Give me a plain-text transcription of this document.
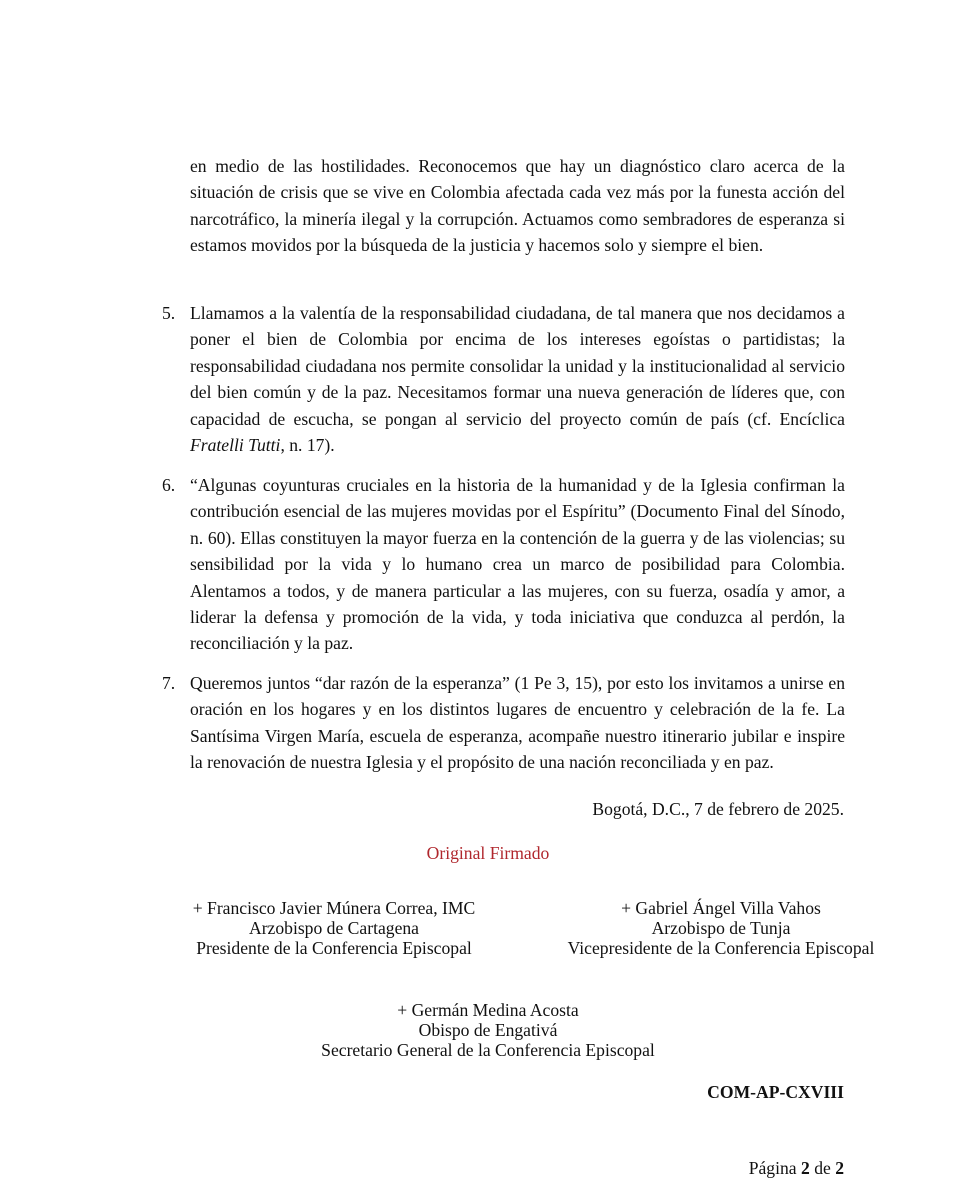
en medio de las hostilidades. Reconocemos que hay un diagnóstico claro acerca de la situación de crisis que se vive en Colombia afectada cada vez más por la funesta acción del narcotráfico, la minería ilegal y la corrupción. Actuamos como sembradores de esperanza si estamos movidos por la búsqueda de la justicia y hacemos solo y siempre el bien.
5. Llamamos a la valentía de la responsabilidad ciudadana, de tal manera que nos decidamos a poner el bien de Colombia por encima de los intereses egoístas o partidistas; la responsabilidad ciudadana nos permite consolidar la unidad y la institucionalidad al servicio del bien común y de la paz. Necesitamos formar una nueva generación de líderes que, con capacidad de escucha, se pongan al servicio del proyecto común de país (cf. Encíclica Fratelli Tutti, n. 17).
6. “Algunas coyunturas cruciales en la historia de la humanidad y de la Iglesia confirman la contribución esencial de las mujeres movidas por el Espíritu” (Documento Final del Sínodo, n. 60). Ellas constituyen la mayor fuerza en la contención de la guerra y de las violencias; su sensibilidad por la vida y lo humano crea un marco de posibilidad para Colombia. Alentamos a todos, y de manera particular a las mujeres, con su fuerza, osadía y amor, a liderar la defensa y promoción de la vida, y toda iniciativa que conduzca al perdón, la reconciliación y la paz.
7. Queremos juntos “dar razón de la esperanza” (1 Pe 3, 15), por esto los invitamos a unirse en oración en los hogares y en los distintos lugares de encuentro y celebración de la fe. La Santísima Virgen María, escuela de esperanza, acompañe nuestro itinerario jubilar e inspire la renovación de nuestra Iglesia y el propósito de una nación reconciliada y en paz.
Bogotá, D.C., 7 de febrero de 2025.
Original Firmado
+ Francisco Javier Múnera Correa, IMC
Arzobispo de Cartagena
Presidente de la Conferencia Episcopal
+ Gabriel Ángel Villa Vahos
Arzobispo de Tunja
Vicepresidente de la Conferencia Episcopal
+ Germán Medina Acosta
Obispo de Engativá
Secretario General de la Conferencia Episcopal
COM-AP-CXVIII
Página 2 de 2
